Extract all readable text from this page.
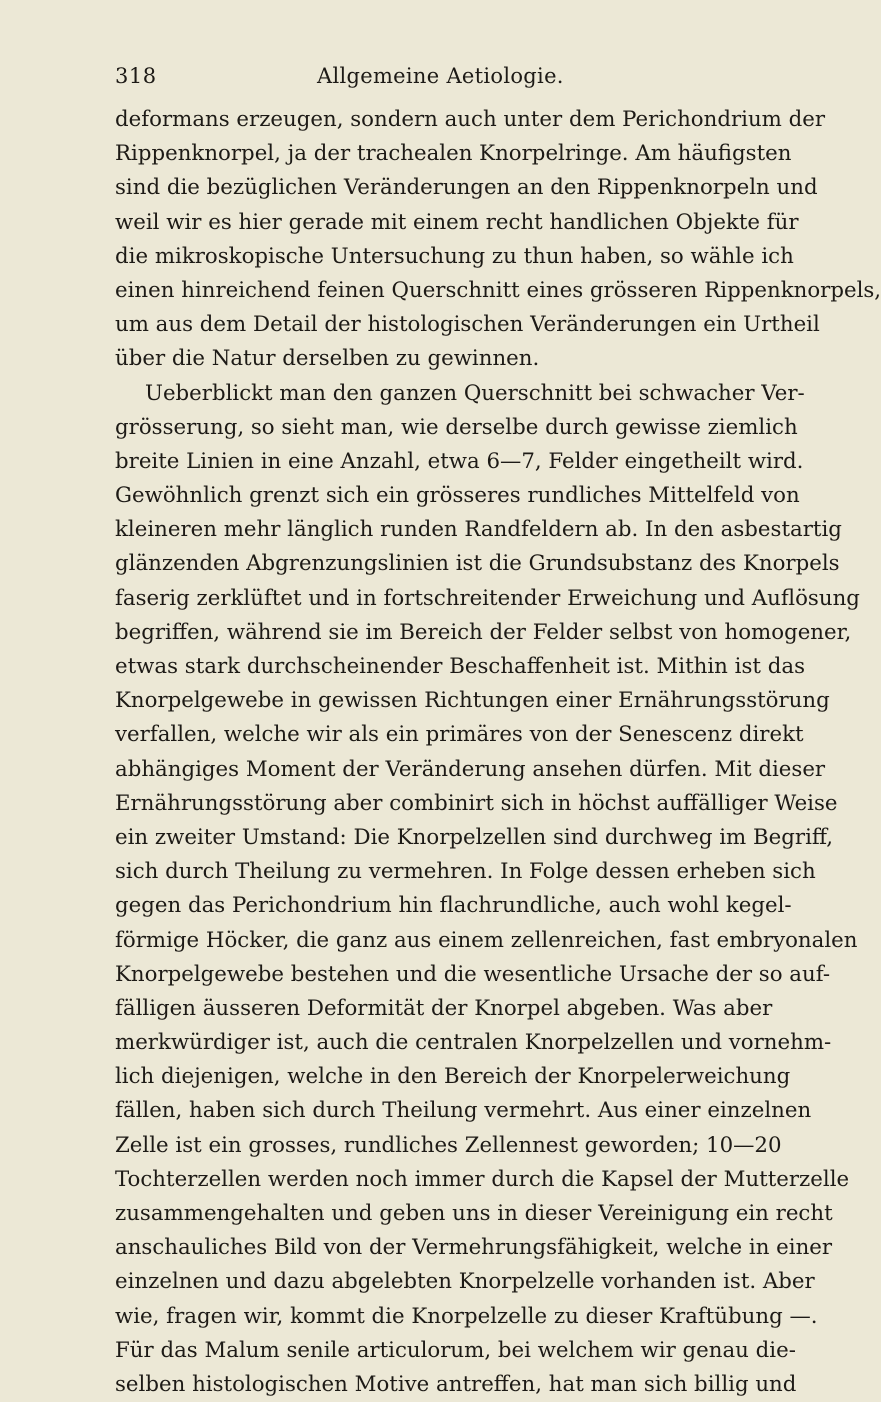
318	Allgemeine Aetiologie.
deformans erzeugen, sondern auch unter dem Perichondrium der
Rippenknorpel, ja der trachealen Knorpelringe. Am häufigsten
sind die bezüglichen Veränderungen an den Rippenknorpeln und
weil wir es hier gerade mit einem recht handlichen Objekte für
die mikroskopische Untersuchung zu thun haben, so wähle ich
einen hinreichend feinen Querschnitt eines grösseren Rippenknorpels,
um aus dem Detail der histologischen Veränderungen ein Urtheil
über die Natur derselben zu gewinnen.
Ueberblickt man den ganzen Querschnitt bei schwacher Ver-
grösserung, so sieht man, wie derselbe durch gewisse ziemlich
breite Linien in eine Anzahl, etwa 6—7, Felder eingetheilt wird.
Gewöhnlich grenzt sich ein grösseres rundliches Mittelfeld von
kleineren mehr länglich runden Randfeldern ab. In den asbestartig
glänzenden Abgrenzungslinien ist die Grundsubstanz des Knorpels
faserig zerklüftet und in fortschreitender Erweichung und Auflösung
begriffen, während sie im Bereich der Felder selbst von homogener,
etwas stark durchscheinender Beschaffenheit ist. Mithin ist das
Knorpelgewebe in gewissen Richtungen einer Ernährungsstörung
verfallen, welche wir als ein primäres von der Senescenz direkt
abhängiges Moment der Veränderung ansehen dürfen. Mit dieser
Ernährungsstörung aber combinirt sich in höchst auffälliger Weise
ein zweiter Umstand: Die Knorpelzellen sind durchweg im Begriff,
sich durch Theilung zu vermehren. In Folge dessen erheben sich
gegen das Perichondrium hin flachrundliche, auch wohl kegel-
förmige Höcker, die ganz aus einem zellenreichen, fast embryonalen
Knorpelgewebe bestehen und die wesentliche Ursache der so auf-
fälligen äusseren Deformität der Knorpel abgeben. Was aber
merkwürdiger ist, auch die centralen Knorpelzellen und vornehm-
lich diejenigen, welche in den Bereich der Knorpelerweichung
fällen, haben sich durch Theilung vermehrt. Aus einer einzelnen
Zelle ist ein grosses, rundliches Zellennest geworden; 10—20
Tochterzellen werden noch immer durch die Kapsel der Mutterzelle
zusammengehalten und geben uns in dieser Vereinigung ein recht
anschauliches Bild von der Vermehrungsfähigkeit, welche in einer
einzelnen und dazu abgelebten Knorpelzelle vorhanden ist. Aber
wie, fragen wir, kommt die Knorpelzelle zu dieser Kraftübung —.
Für das Malum senile articulorum, bei welchem wir genau die-
selben histologischen Motive antreffen, hat man sich billig und
